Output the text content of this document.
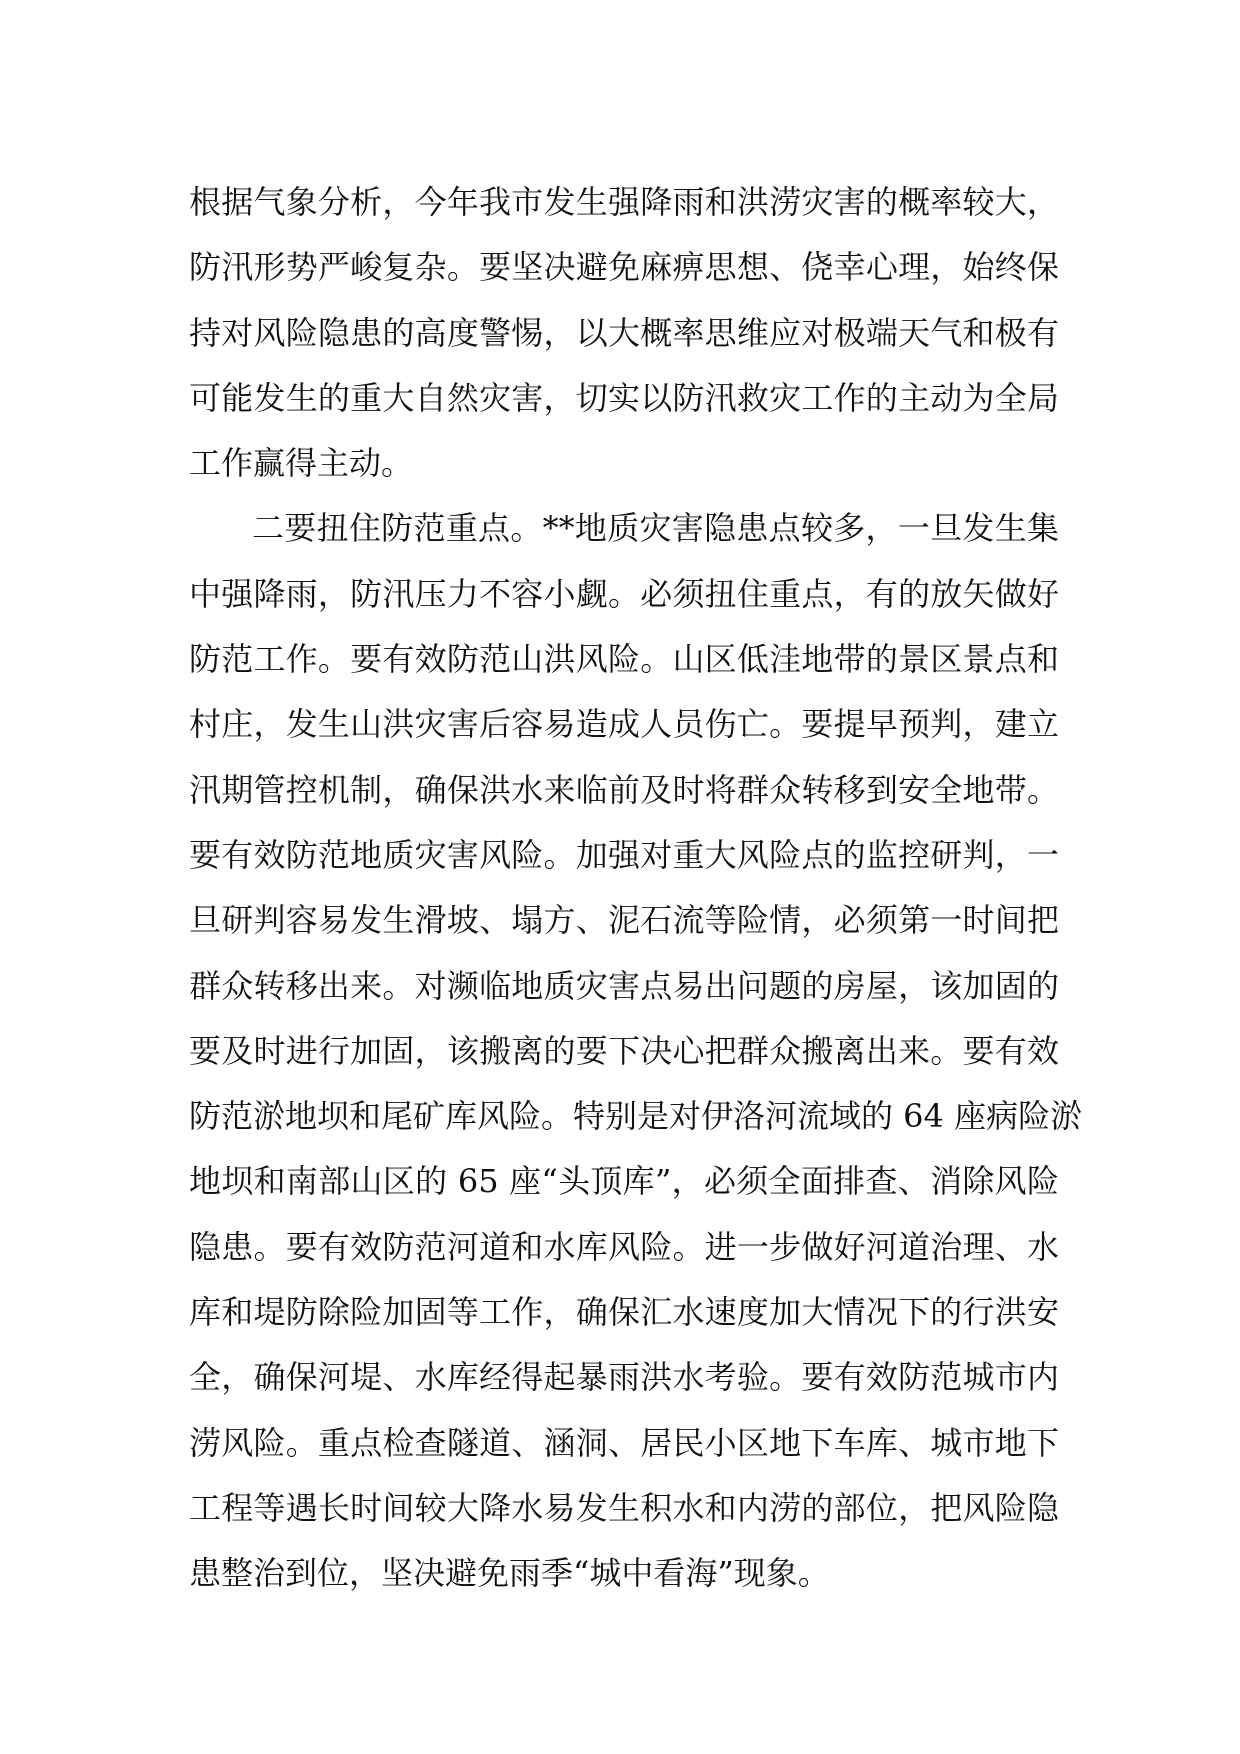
根据气象分析，今年我市发生强降雨和洪涝灾害的概率较大，
防汛形势严峻复杂。要坚决避免麻痹思想、侥幸心理，始终保
持对风险隐患的高度警惕，以大概率思维应对极端天气和极有
可能发生的重大自然灾害，切实以防汛救灾工作的主动为全局
工作赢得主动。
二要扭住防范重点。**地质灾害隐患点较多，一旦发生集
中强降雨，防汛压力不容小觑。必须扭住重点，有的放矢做好
防范工作。要有效防范山洪风险。山区低洼地带的景区景点和
村庄，发生山洪灾害后容易造成人员伤亡。要提早预判，建立
汛期管控机制，确保洪水来临前及时将群众转移到安全地带。
要有效防范地质灾害风险。加强对重大风险点的监控研判，一
旦研判容易发生滑坡、塌方、泥石流等险情，必须第一时间把
群众转移出来。对濒临地质灾害点易出问题的房屋，该加固的
要及时进行加固，该搬离的要下决心把群众搬离出来。要有效
防范淤地坝和尾矿库风险。特别是对伊洛河流域的 64 座病险淤
地坝和南部山区的 65 座“头顶库”，必须全面排查、消除风险
隐患。要有效防范河道和水库风险。进一步做好河道治理、水
库和堤防除险加固等工作，确保汇水速度加大情况下的行洪安
全，确保河堤、水库经得起暴雨洪水考验。要有效防范城市内
涝风险。重点检查隧道、涵洞、居民小区地下车库、城市地下
工程等遇长时间较大降水易发生积水和内涝的部位，把风险隐
患整治到位，坚决避免雨季“城中看海”现象。
